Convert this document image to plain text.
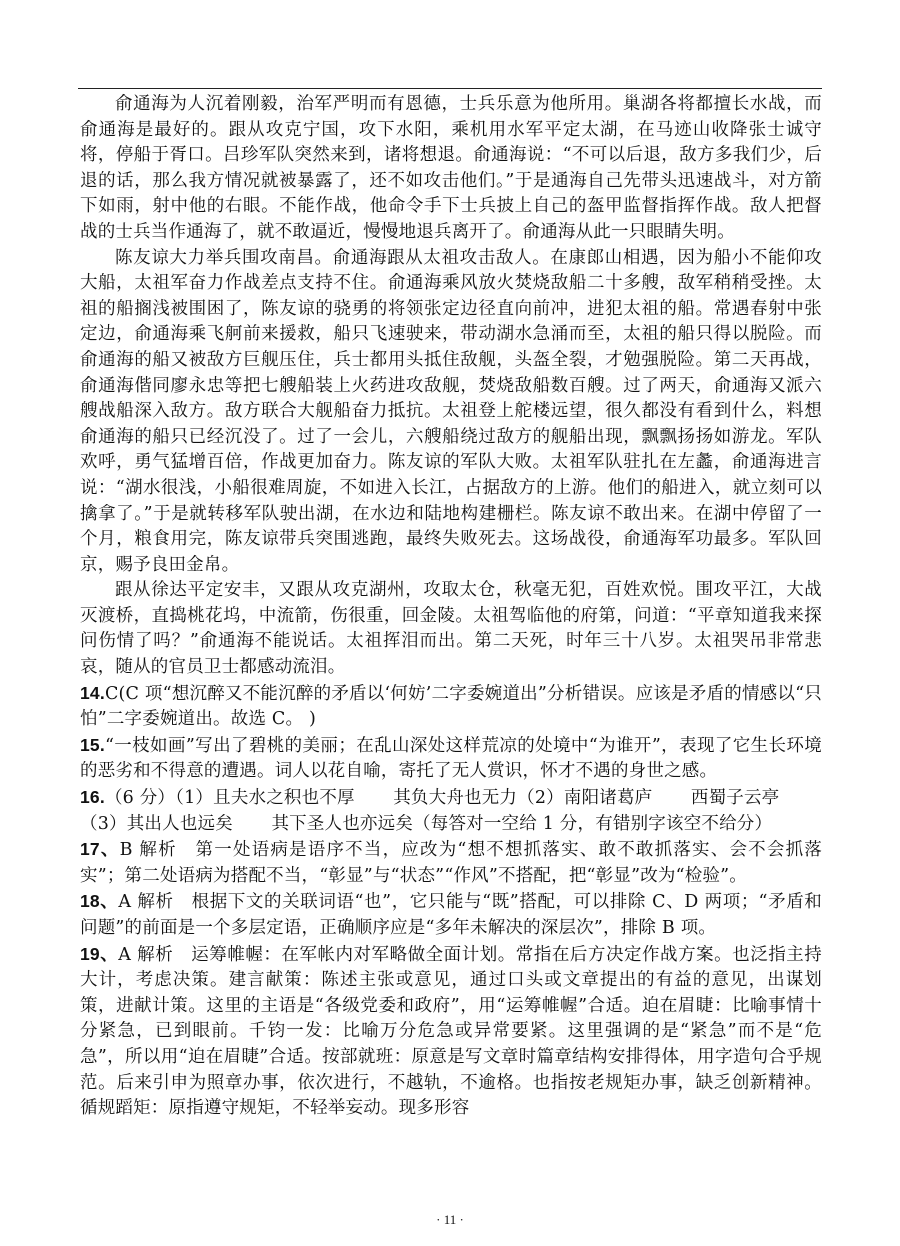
俞通海为人沉着刚毅，治军严明而有恩德，士兵乐意为他所用。巢湖各将都擅长水战，而俞通海是最好的。跟从攻克宁国，攻下水阳，乘机用水军平定太湖，在马迹山收降张士诚守将，停船于胥口。吕珍军队突然来到，诸将想退。俞通海说：“不可以后退，敌方多我们少，后退的话，那么我方情况就被暴露了，还不如攻击他们。”于是通海自己先带头迅速战斗，对方箭下如雨，射中他的右眼。不能作战，他命令手下士兵披上自己的盔甲监督指挥作战。敌人把督战的士兵当作通海了，就不敢逼近，慢慢地退兵离开了。俞通海从此一只眼睛失明。

陈友谅大力举兵围攻南昌。俞通海跟从太祖攻击敌人。在康郎山相遇，因为船小不能仰攻大船，太祖军奋力作战差点支持不住。俞通海乘风放火焚烧敌船二十多艘，敌军稍稍受挫。太祖的船搁浅被围困了，陈友谅的骁勇的将领张定边径直向前冲，进犯太祖的船。常遇春射中张定边，俞通海乘飞舸前来援救，船只飞速驶来，带动湖水急涌而至，太祖的船只得以脱险。而俞通海的船又被敌方巨舰压住，兵士都用头抵住敌舰，头盔全裂，才勉强脱险。第二天再战，俞通海偕同廖永忠等把七艘船装上火药进攻敌舰，焚烧敌船数百艘。过了两天，俞通海又派六艘战船深入敌方。敌方联合大舰船奋力抵抗。太祖登上舵楼远望，很久都没有看到什么，料想俞通海的船只已经沉没了。过了一会儿，六艘船绕过敌方的舰船出现，飘飘扬扬如游龙。军队欢呼，勇气猛增百倍，作战更加奋力。陈友谅的军队大败。太祖军队驻扎在左蠡，俞通海进言说：“湖水很浅，小船很难周旋，不如进入长江，占据敌方的上游。他们的船进入，就立刻可以擒拿了。”于是就转移军队驶出湖，在水边和陆地构建栅栏。陈友谅不敢出来。在湖中停留了一个月，粮食用完，陈友谅带兵突围逃跑，最终失败死去。这场战役，俞通海军功最多。军队回京，赐予良田金帛。

跟从徐达平定安丰，又跟从攻克湖州，攻取太仓，秋毫无犯，百姓欢悦。围攻平江，大战灭渡桥，直捣桃花坞，中流箭，伤很重，回金陵。太祖驾临他的府第，问道：“平章知道我来探问伤情了吗？”俞通海不能说话。太祖挥泪而出。第二天死，时年三十八岁。太祖哭吊非常悲哀，随从的官员卫士都感动流泪。

14.C(C 项“想沉醉又不能沉醉的矛盾以‘何妨’二字委婉道出”分析错误。应该是矛盾的情感以“只怕”二字委婉道出。故选 C。 )

15.“一枝如画”写出了碧桃的美丽；在乱山深处这样荒凉的处境中“为谁开”，表现了它生长环境的恶劣和不得意的遭遇。词人以花自喻，寄托了无人赏识，怀才不遇的身世之感。

16.（6 分）（1）且夫水之积也不厚 其负大舟也无力（2）南阳诸葛庐 西蜀子云亭
（3）其出人也远矣 其下圣人也亦远矣（每答对一空给 1 分，有错别字该空不给分）

17、B 解析　第一处语病是语序不当，应改为“想不想抓落实、敢不敢抓落实、会不会抓落实”；第二处语病为搭配不当，“彰显”与“状态”“作风”不搭配，把“彰显”改为“检验”。

18、A 解析　根据下文的关联词语“也”，它只能与“既”搭配，可以排除 C、D 两项；“矛盾和问题”的前面是一个多层定语，正确顺序应是“多年未解决的深层次”，排除 B 项。

19、A 解析　运筹帷幄：在军帐内对军略做全面计划。常指在后方决定作战方案。也泛指主持大计，考虑决策。建言献策：陈述主张或意见，通过口头或文章提出的有益的意见，出谋划策，进献计策。这里的主语是“各级党委和政府”，用“运筹帷幄”合适。迫在眉睫：比喻事情十分紧急，已到眼前。千钧一发：比喻万分危急或异常要紧。这里强调的是“紧急”而不是“危急”，所以用“迫在眉睫”合适。按部就班：原意是写文章时篇章结构安排得体，用字造句合乎规范。后来引申为照章办事，依次进行，不越轨，不逾格。也指按老规矩办事，缺乏创新精神。循规蹈矩：原指遵守规矩，不轻举妄动。现多形容

· 11 ·
